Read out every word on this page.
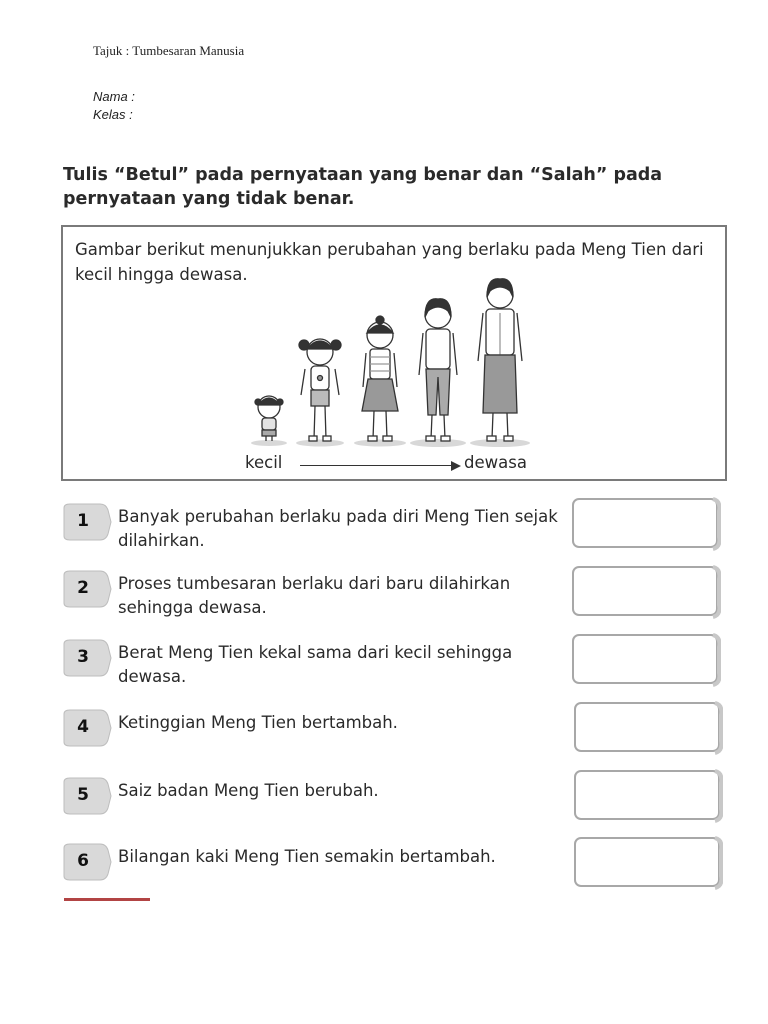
Tajuk : Tumbesaran Manusia
Nama :
Kelas :
Tulis “Betul” pada pernyataan yang benar dan “Salah” pada pernyataan yang tidak benar.
Gambar berikut menunjukkan perubahan yang berlaku pada Meng Tien dari kecil hingga dewasa.
kecil	dewasa
1	Banyak perubahan berlaku pada diri Meng Tien sejak dilahirkan.
2	Proses tumbesaran berlaku dari baru dilahirkan sehingga dewasa.
3	Berat Meng Tien kekal sama dari kecil sehingga dewasa.
4	Ketinggian Meng Tien bertambah.
5	Saiz badan Meng Tien berubah.
6	Bilangan kaki Meng Tien semakin bertambah.
